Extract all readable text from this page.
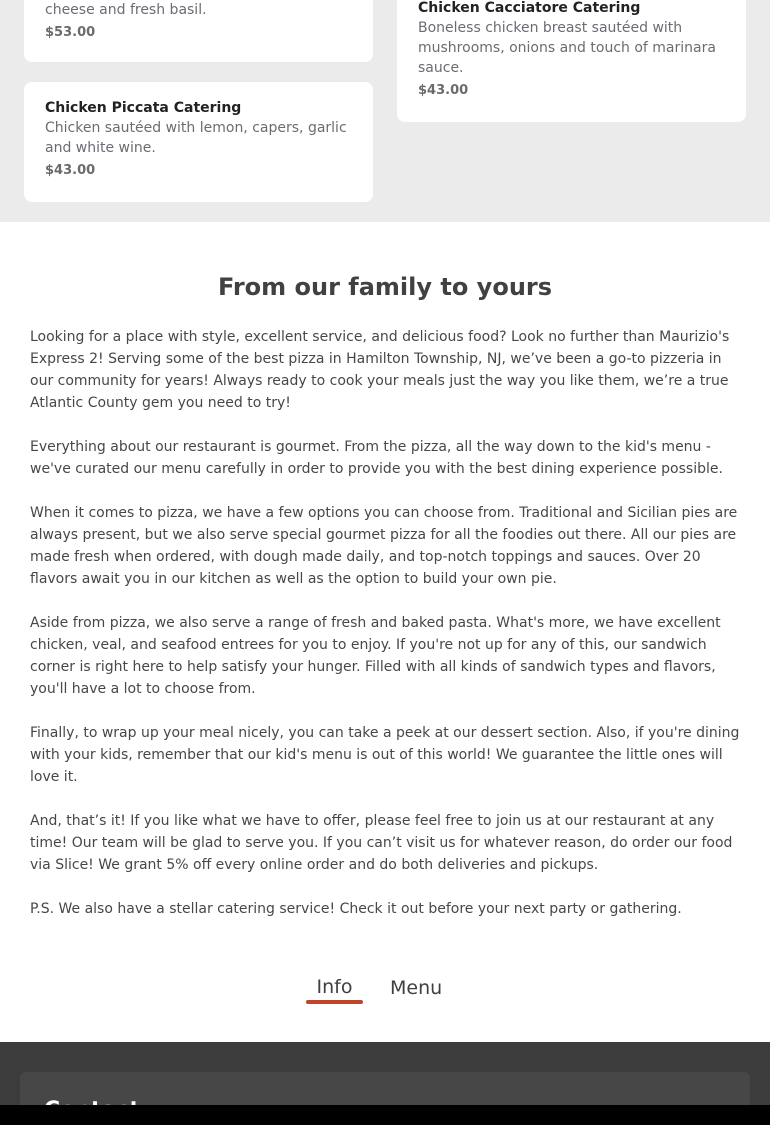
cheese and fresh basil.
$53.00
Chicken Cacciatore Catering
Boneless chicken breast sautéed with mushrooms, onions and touch of marinara sauce.
$43.00
Chicken Piccata Catering
Chicken sautéed with lemon, capers, garlic and white wine.
$43.00
From our family to yours

Looking for a place with style, excellent service, and delicious food? Look no further than Maurizio's Express 2! Serving some of the best pizza in Hamilton Township, NJ, we’ve been a go-to pizzeria in our community for years! Always ready to cook your meals just the way you like them, we’re a true Atlantic County gem you need to try!

Everything about our restaurant is gourmet. From the pizza, all the way down to the kid's menu - we've curated our menu carefully in order to provide you with the best dining experience possible.

When it comes to pizza, we have a few options you can choose from. Traditional and Sicilian pies are always present, but we also serve special gourmet pizza for all the foodies out there. All our pies are made fresh when ordered, with dough made daily, and top-notch toppings and sauces. Over 20 flavors await you in our kitchen as well as the option to build your own pie.

Aside from pizza, we also serve a range of fresh and baked pasta. What's more, we have excellent chicken, veal, and seafood entrees for you to enjoy. If you're not up for any of this, our sandwich corner is right here to help satisfy your hunger. Filled with all kinds of sandwich types and flavors, you'll have a lot to choose from.

Finally, to wrap up your meal nicely, you can take a peek at our dessert section. Also, if you're dining with your kids, remember that our kid's menu is out of this world! We guarantee the little ones will love it.

And, that’s it! If you like what we have to offer, please feel free to join us at our restaurant at any time! Our team will be glad to serve you. If you can’t visit us for whatever reason, do order our food via Slice! We grant 5% off every online order and do both deliveries and pickups.

P.S. We also have a stellar catering service! Check it out before your next party or gathering.

Info	Menu
